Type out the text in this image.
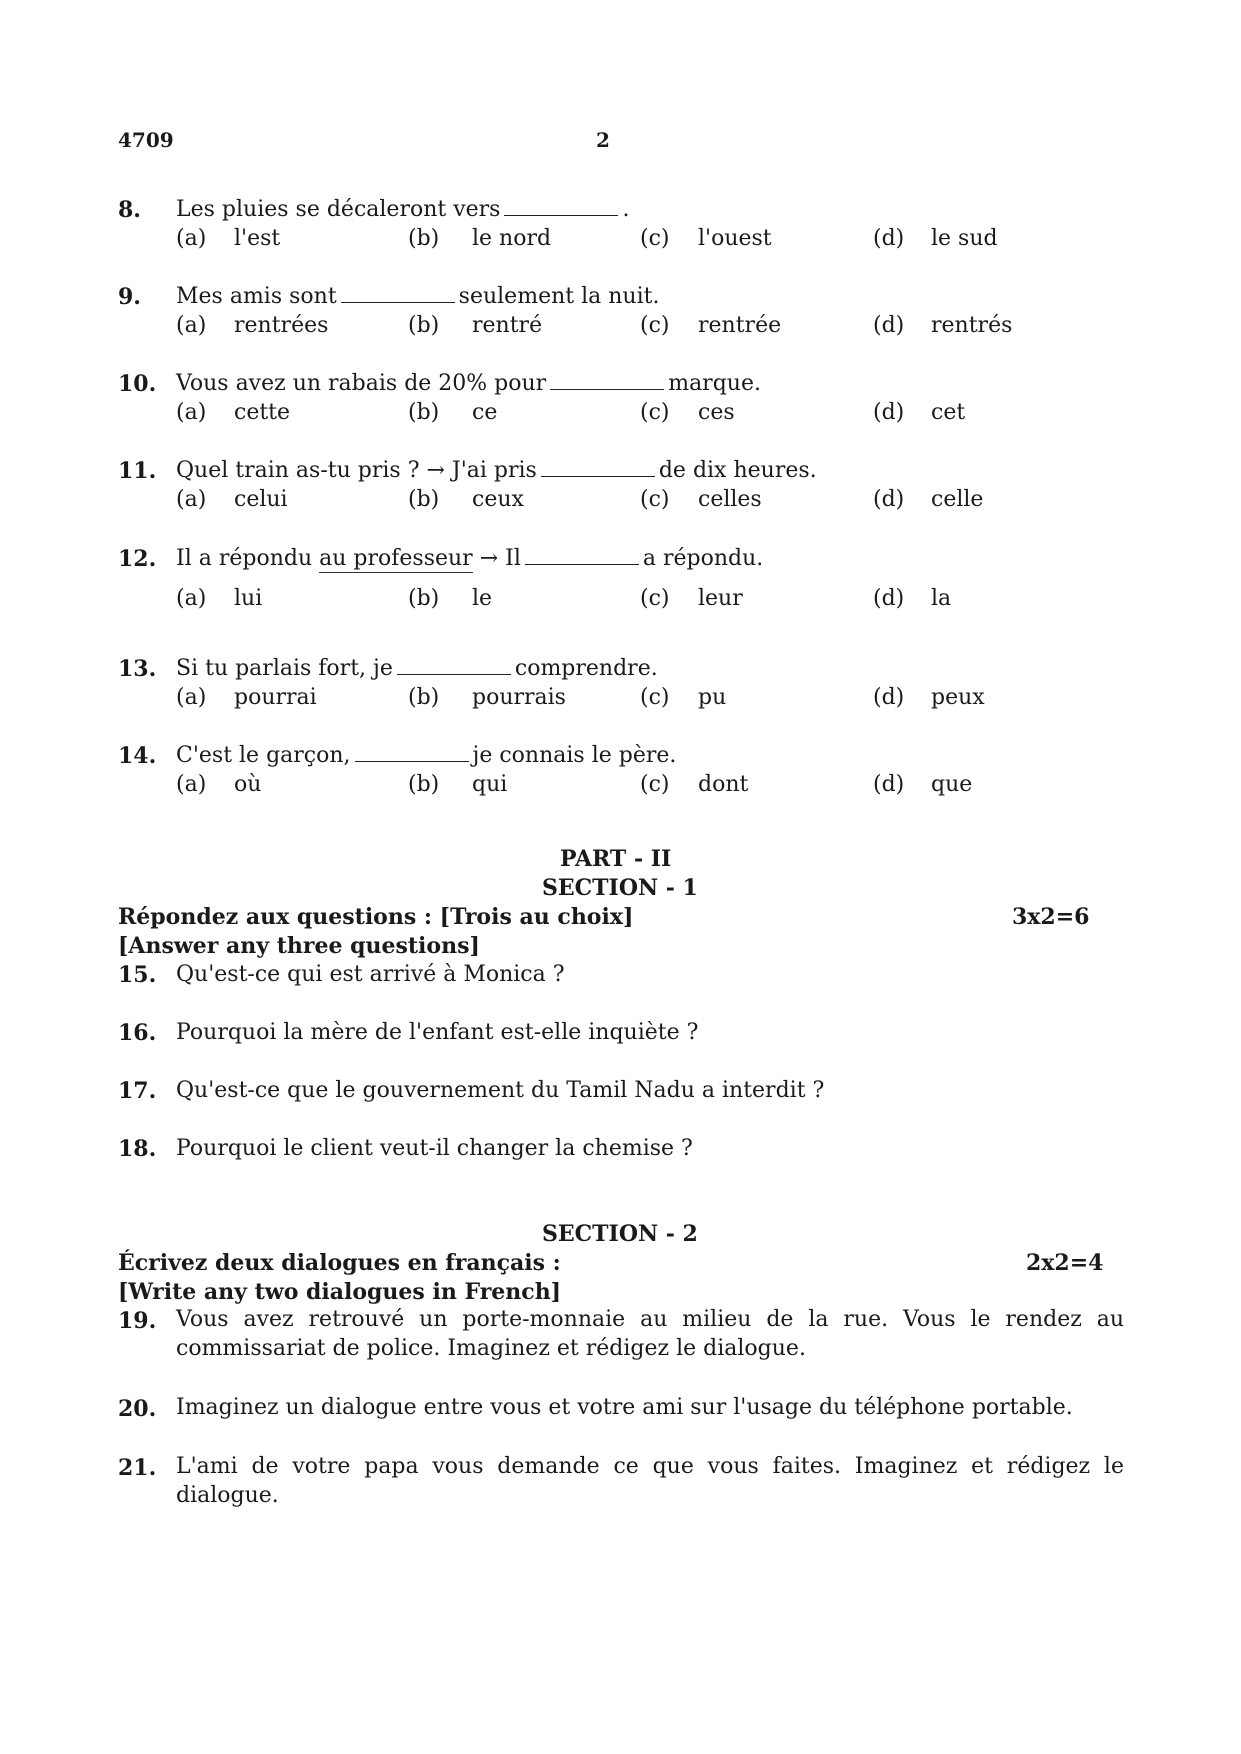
4709	2
8. Les pluies se décaleront vers	.
(a) l'est	(b) le nord	(c) l'ouest	(d) le sud
9. Mes amis sont	seulement la nuit.
(a) rentrées	(b) rentré	(c) rentrée	(d) rentrés
10. Vous avez un rabais de 20% pour	marque.
(a) cette	(b) ce	(c) ces	(d) cet
11. Quel train as-tu pris ? → J'ai pris	de dix heures.
(a) celui	(b) ceux	(c) celles	(d) celle
12. Il a répondu au professeur → Il	a répondu.
(a) lui	(b) le	(c) leur	(d) la
13. Si tu parlais fort, je	comprendre.
(a) pourrai	(b) pourrais	(c) pu	(d) peux
14. C'est le garçon,	je connais le père.
(a) où	(b) qui	(c) dont	(d) que
PART - II
SECTION - 1
Répondez aux questions : [Trois au choix]	3x2=6
[Answer any three questions]
15. Qu'est-ce qui est arrivé à Monica ?
16. Pourquoi la mère de l'enfant est-elle inquiète ?
17. Qu'est-ce que le gouvernement du Tamil Nadu a interdit ?
18. Pourquoi le client veut-il changer la chemise ?
SECTION - 2
Écrivez deux dialogues en français :	2x2=4
[Write any two dialogues in French]
19. Vous avez retrouvé un porte-monnaie au milieu de la rue. Vous le rendez au commissariat de police. Imaginez et rédigez le dialogue.
20. Imaginez un dialogue entre vous et votre ami sur l'usage du téléphone portable.
21. L'ami de votre papa vous demande ce que vous faites. Imaginez et rédigez le dialogue.
